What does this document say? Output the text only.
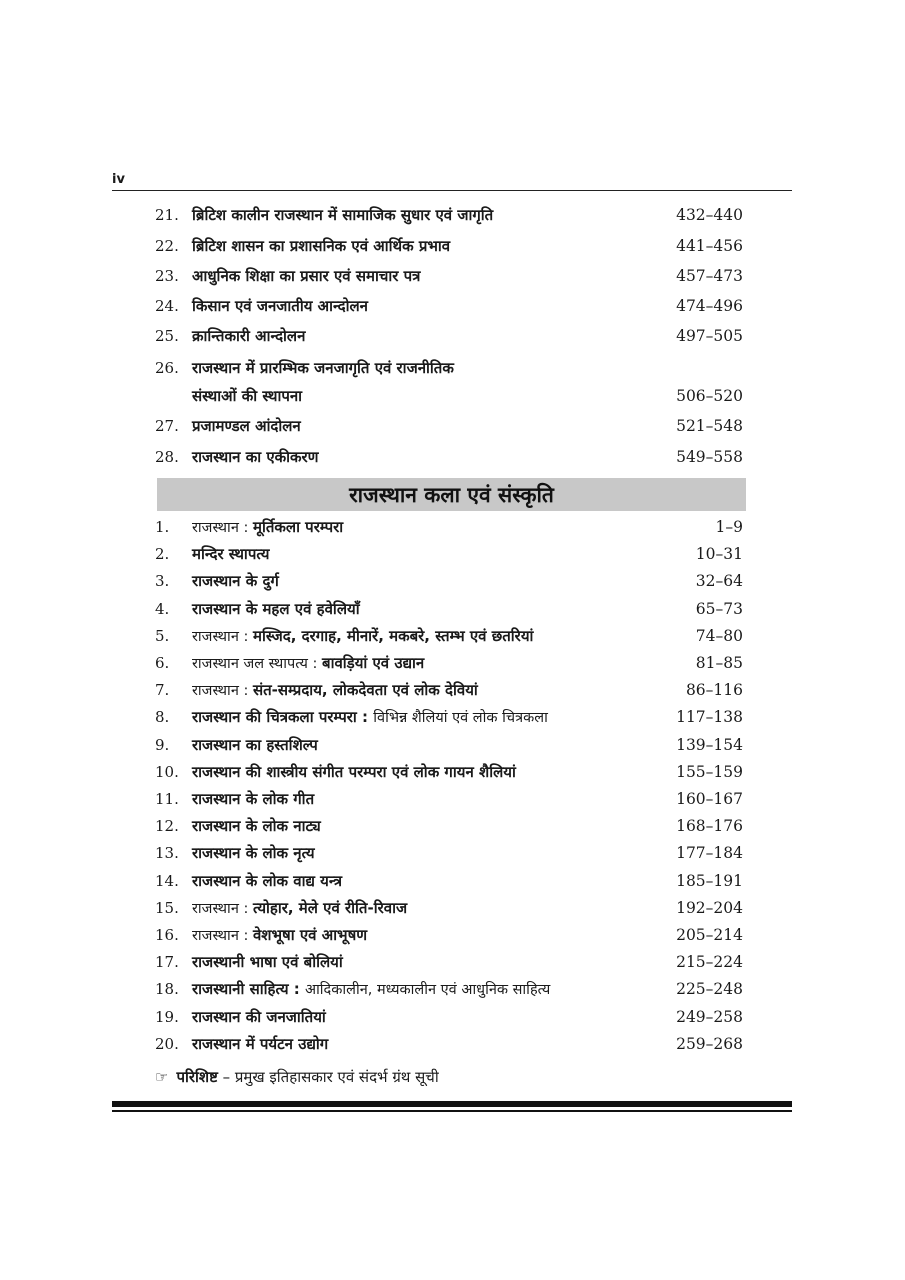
iv
21. ब्रिटिश कालीन राजस्थान में सामाजिक सुधार एवं जागृति	432–440
22. ब्रिटिश शासन का प्रशासनिक एवं आर्थिक प्रभाव	441–456
23. आधुनिक शिक्षा का प्रसार एवं समाचार पत्र	457–473
24. किसान एवं जनजातीय आन्दोलन	474–496
25. क्रान्तिकारी आन्दोलन	497–505
26. राजस्थान में प्रारम्भिक जनजागृति एवं राजनीतिक
संस्थाओं की स्थापना	506–520
27. प्रजामण्डल आंदोलन	521–548
28. राजस्थान का एकीकरण	549–558
राजस्थान कला एवं संस्कृति
1.	राजस्थान : मूर्तिकला परम्परा	1–9
2.	मन्दिर स्थापत्य	10–31
3.	राजस्थान के दुर्ग	32–64
4.	राजस्थान के महल एवं हवेलियाँ	65–73
5.	राजस्थान : मस्जिद, दरगाह, मीनारें, मकबरे, स्तम्भ एवं छतरियां	74–80
6.	राजस्थान जल स्थापत्य : बावड़ियां एवं उद्यान	81–85
7.	राजस्थान : संत-सम्प्रदाय, लोकदेवता एवं लोक देवियां	86–116
8.	राजस्थान की चित्रकला परम्परा : विभिन्न शैलियां एवं लोक चित्रकला	117–138
9.	राजस्थान का हस्तशिल्प	139–154
10. राजस्थान की शास्त्रीय संगीत परम्परा एवं लोक गायन शैलियां	155–159
11. राजस्थान के लोक गीत	160–167
12. राजस्थान के लोक नाट्य	168–176
13. राजस्थान के लोक नृत्य	177–184
14. राजस्थान के लोक वाद्य यन्त्र	185–191
15. राजस्थान : त्योहार, मेले एवं रीति-रिवाज	192–204
16. राजस्थान : वेशभूषा एवं आभूषण	205–214
17. राजस्थानी भाषा एवं बोलियां	215–224
18. राजस्थानी साहित्य : आदिकालीन, मध्यकालीन एवं आधुनिक साहित्य	225–248
19. राजस्थान की जनजातियां	249–258
20. राजस्थान में पर्यटन उद्योग	259–268
☞ परिशिष्ट – प्रमुख इतिहासकार एवं संदर्भ ग्रंथ सूची
